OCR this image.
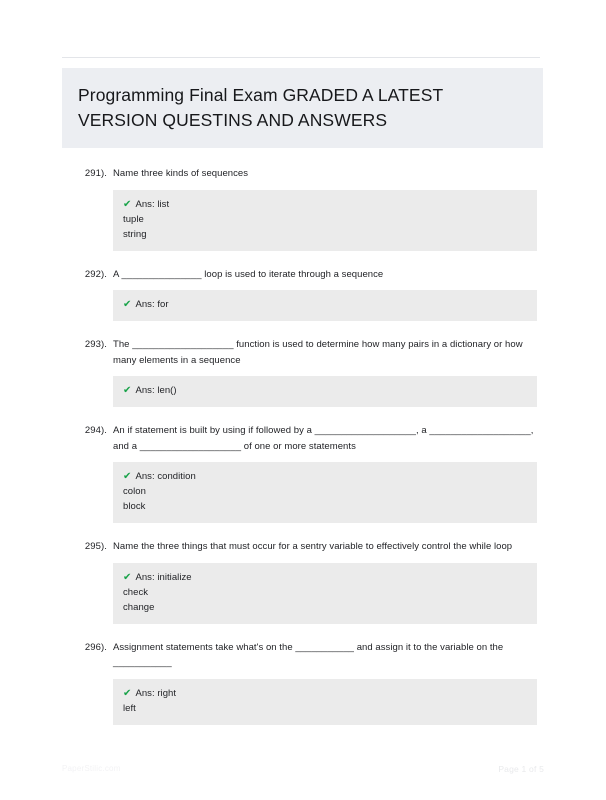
Programming Final Exam GRADED A LATEST VERSION QUESTINS AND ANSWERS
291). Name three kinds of sequences
✔ Ans: list
tuple
string
292). A _______________ loop is used to iterate through a sequence
✔ Ans: for
293). The ___________________ function is used to determine how many pairs in a dictionary or how many elements in a sequence
✔ Ans: len()
294). An if statement is built by using if followed by a ___________________, a ___________________, and a ___________________ of one or more statements
✔ Ans: condition
colon
block
295). Name the three things that must occur for a sentry variable to effectively control the while loop
✔ Ans: initialize
check
change
296). Assignment statements take what's on the ___________ and assign it to the variable on the ___________
✔ Ans: right
left
PaperStilic.com	Page 1 of 5
